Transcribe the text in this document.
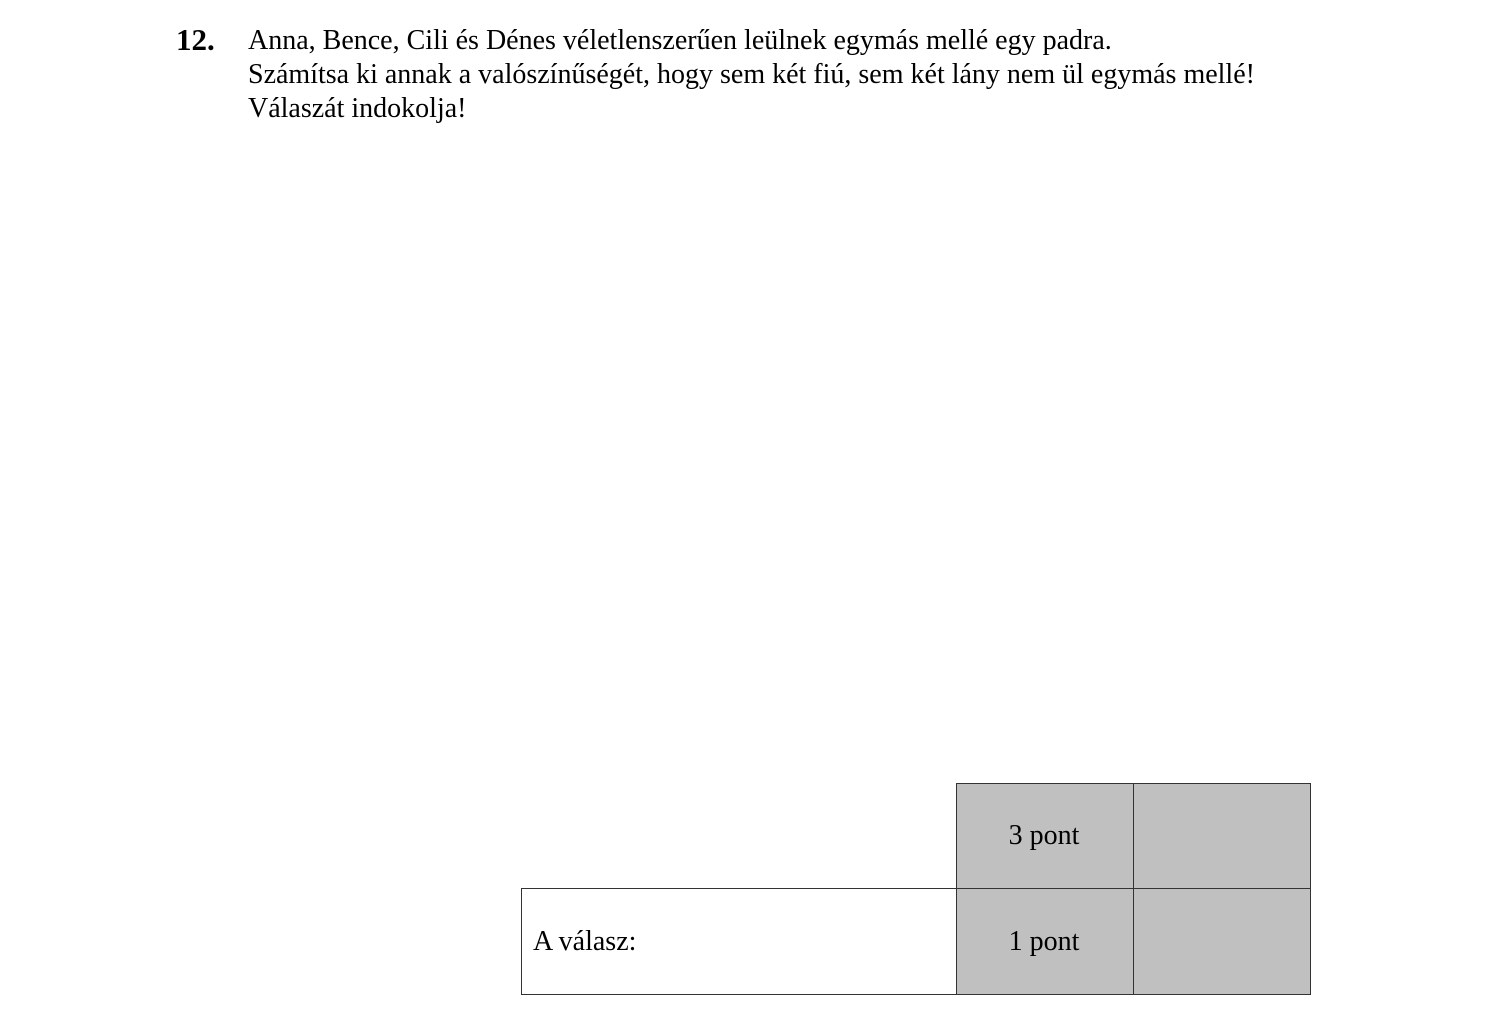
12. Anna, Bence, Cili és Dénes véletlenszerűen leülnek egymás mellé egy padra.
Számítsa ki annak a valószínűségét, hogy sem két fiú, sem két lány nem ül egymás mellé!
Válaszát indokolja!
3 pont
A válasz:	1 pont
